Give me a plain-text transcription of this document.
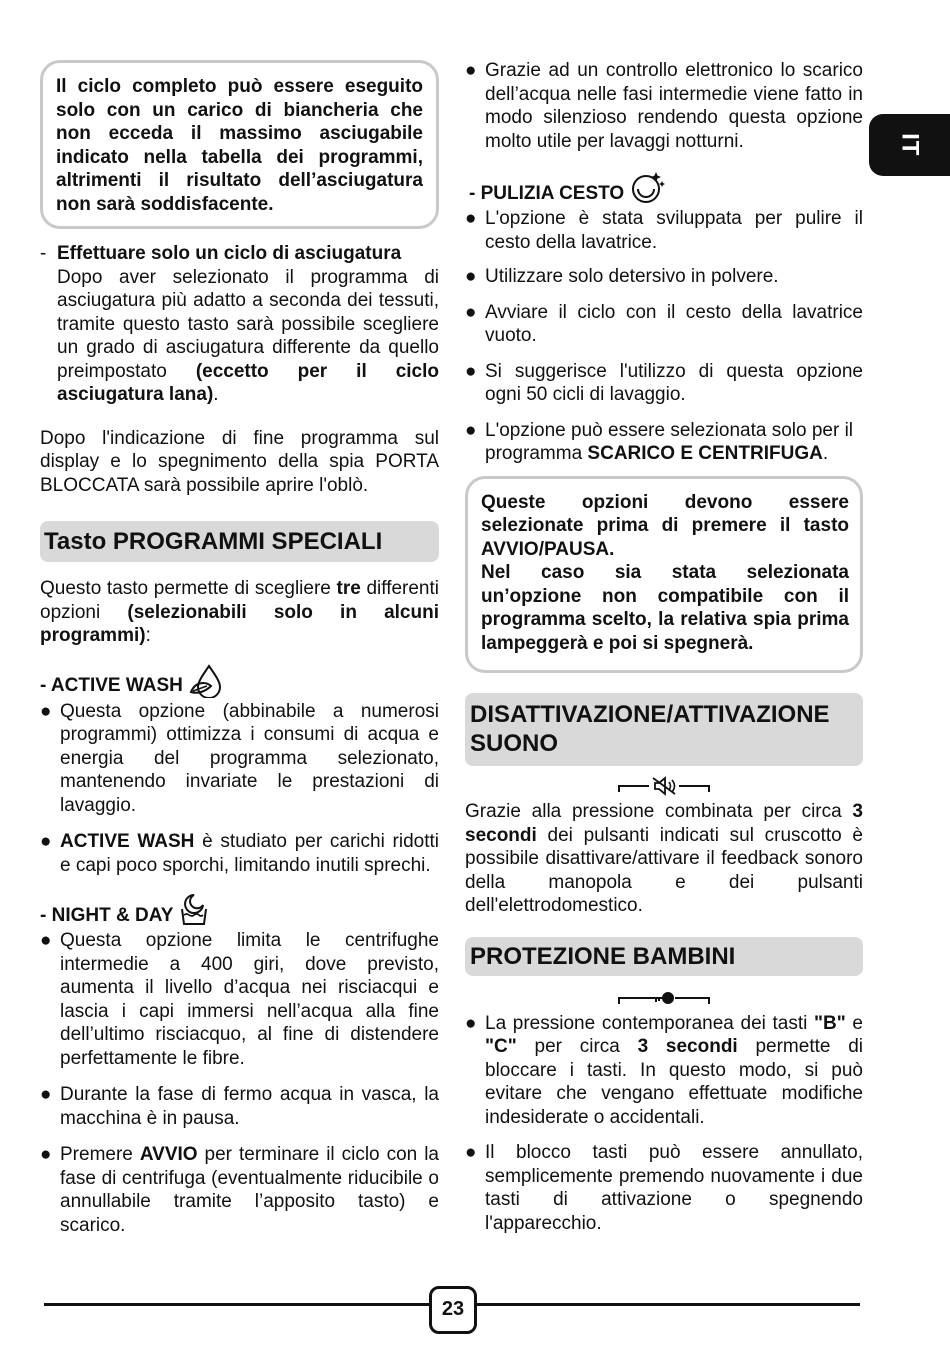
IT

Il ciclo completo può essere eseguito solo con un carico di biancheria che non ecceda il massimo asciugabile indicato nella tabella dei programmi, altrimenti il risultato dell’asciugatura non sarà soddisfacente.

- Effettuare solo un ciclo di asciugatura
Dopo aver selezionato il programma di asciugatura più adatto a seconda dei tessuti, tramite questo tasto sarà possibile scegliere un grado di asciugatura differente da quello preimpostato (eccetto per il ciclo asciugatura lana).

Dopo l'indicazione di fine programma sul display e lo spegnimento della spia PORTA BLOCCATA sarà possibile aprire l'oblò.

Tasto PROGRAMMI SPECIALI

Questo tasto permette di scegliere tre differenti opzioni (selezionabili solo in alcuni programmi):

- ACTIVE WASH
● Questa opzione (abbinabile a numerosi programmi) ottimizza i consumi di acqua e energia del programma selezionato, mantenendo invariate le prestazioni di lavaggio.
● ACTIVE WASH è studiato per carichi ridotti e capi poco sporchi, limitando inutili sprechi.
- NIGHT & DAY
● Questa opzione limita le centrifughe intermedie a 400 giri, dove previsto, aumenta il livello d’acqua nei risciacqui e lascia i capi immersi nell’acqua alla fine dell’ultimo risciacquo, al fine di distendere perfettamente le fibre.
● Durante la fase di fermo acqua in vasca, la macchina è in pausa.
● Premere AVVIO per terminare il ciclo con la fase di centrifuga (eventualmente riducibile o annullabile tramite l’apposito tasto) e scarico.
● Grazie ad un controllo elettronico lo scarico dell’acqua nelle fasi intermedie viene fatto in modo silenzioso rendendo questa opzione molto utile per lavaggi notturni.
- PULIZIA CESTO
● L'opzione è stata sviluppata per pulire il cesto della lavatrice.
● Utilizzare solo detersivo in polvere.
● Avviare il ciclo con il cesto della lavatrice vuoto.
● Si suggerisce l'utilizzo di questa opzione ogni 50 cicli di lavaggio.
● L'opzione può essere selezionata solo per il programma SCARICO E CENTRIFUGA.

Queste opzioni devono essere selezionate prima di premere il tasto AVVIO/PAUSA.

Nel caso sia stata selezionata un’opzione non compatibile con il programma scelto, la relativa spia prima lampeggerà e poi si spegnerà.

DISATTIVAZIONE/ATTIVAZIONE SUONO

Grazie alla pressione combinata per circa 3 secondi dei pulsanti indicati sul cruscotto è possibile disattivare/attivare il feedback sonoro della manopola e dei pulsanti dell'elettrodomestico.

PROTEZIONE BAMBINI
● La pressione contemporanea dei tasti "B" e "C" per circa 3 secondi permette di bloccare i tasti. In questo modo, si può evitare che vengano effettuate modifiche indesiderate o accidentali.
● Il blocco tasti può essere annullato, semplicemente premendo nuovamente i due tasti di attivazione o spegnendo l'apparecchio.
23
